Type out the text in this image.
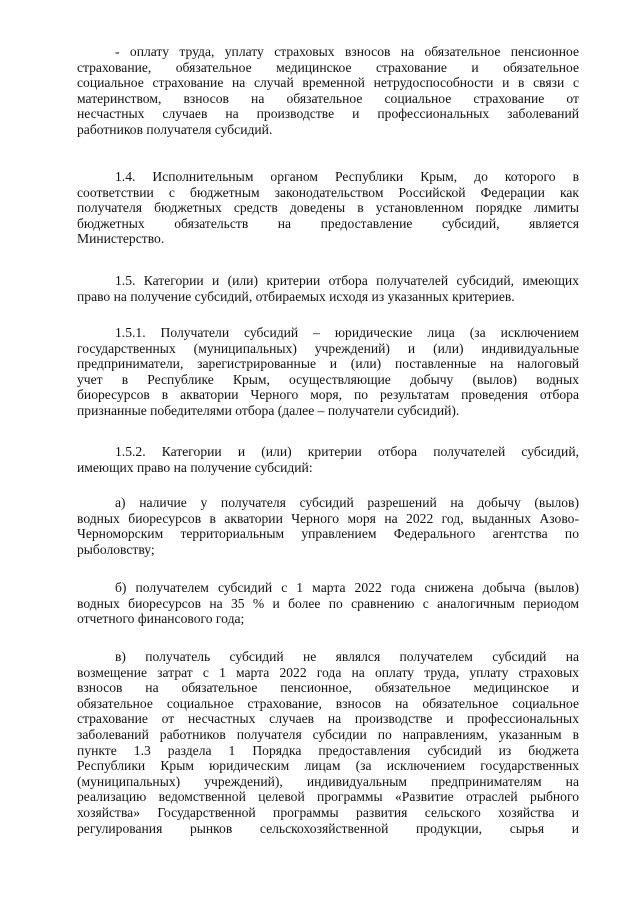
- оплату труда, уплату страховых взносов на обязательное пенсионное
страхование, обязательное медицинское страхование и обязательное
социальное страхование на случай временной нетрудоспособности и в связи с
материнством, взносов на обязательное социальное страхование от
несчастных случаев на производстве и профессиональных заболеваний
работников получателя субсидий.
1.4. Исполнительным органом Республики Крым, до которого в
соответствии с бюджетным законодательством Российской Федерации как
получателя бюджетных средств доведены в установленном порядке лимиты
бюджетных обязательств на предоставление субсидий, является
Министерство.
1.5. Категории и (или) критерии отбора получателей субсидий, имеющих
право на получение субсидий, отбираемых исходя из указанных критериев.
1.5.1. Получатели субсидий – юридические лица (за исключением
государственных (муниципальных) учреждений) и (или) индивидуальные
предприниматели, зарегистрированные и (или) поставленные на налоговый
учет в Республике Крым, осуществляющие добычу (вылов) водных
биоресурсов в акватории Черного моря, по результатам проведения отбора
признанные победителями отбора (далее – получатели субсидий).
1.5.2. Категории и (или) критерии отбора получателей субсидий,
имеющих право на получение субсидий:
а) наличие у получателя субсидий разрешений на добычу (вылов)
водных биоресурсов в акватории Черного моря на 2022 год, выданных Азово-
Черноморским территориальным управлением Федерального агентства по
рыболовству;
б) получателем субсидий с 1 марта 2022 года снижена добыча (вылов)
водных биоресурсов на 35 % и более по сравнению с аналогичным периодом
отчетного финансового года;
в) получатель субсидий не являлся получателем субсидий на
возмещение затрат с 1 марта 2022 года на оплату труда, уплату страховых
взносов на обязательное пенсионное, обязательное медицинское и
обязательное социальное страхование, взносов на обязательное социальное
страхование от несчастных случаев на производстве и профессиональных
заболеваний работников получателя субсидии по направлениям, указанным в
пункте 1.3 раздела 1 Порядка предоставления субсидий из бюджета
Республики Крым юридическим лицам (за исключением государственных
(муниципальных) учреждений), индивидуальным предпринимателям на
реализацию ведомственной целевой программы «Развитие отраслей рыбного
хозяйства» Государственной программы развития сельского хозяйства и
регулирования рынков сельскохозяйственной продукции, сырья и
